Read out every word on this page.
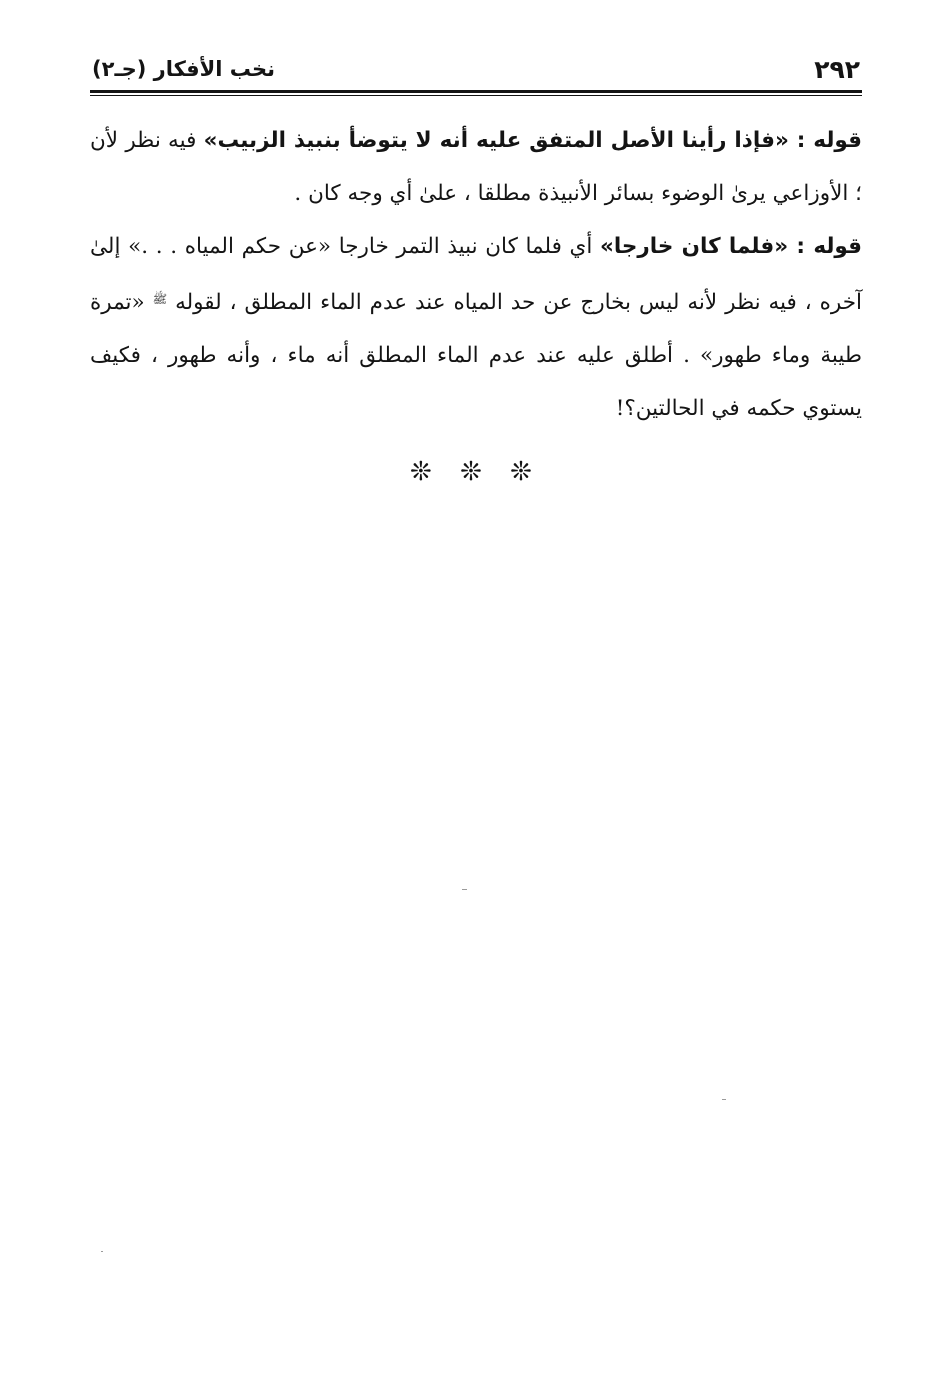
٢٩٢
نخب الأفكار (جـ٢)

قوله : «فإذا رأينا الأصل المتفق عليه أنه لا يتوضأ بنبيذ الزبيب» فيه نظر لأن ؛ الأوزاعي يرىٰ الوضوء بسائر الأنبيذة مطلقا ، علىٰ أي وجه كان .

قوله : «فلما كان خارجا» أي فلما كان نبيذ التمر خارجا «عن حكم المياه . . .» إلىٰ آخره ، فيه نظر لأنه ليس بخارج عن حد المياه عند عدم الماء المطلق ، لقوله $^ﷺ$ «تمرة طيبة وماء طهور» . أطلق عليه عند عدم الماء المطلق أنه ماء ، وأنه طهور ، فكيف يستوي حكمه في الحالتين؟!

❊ ❊ ❊
